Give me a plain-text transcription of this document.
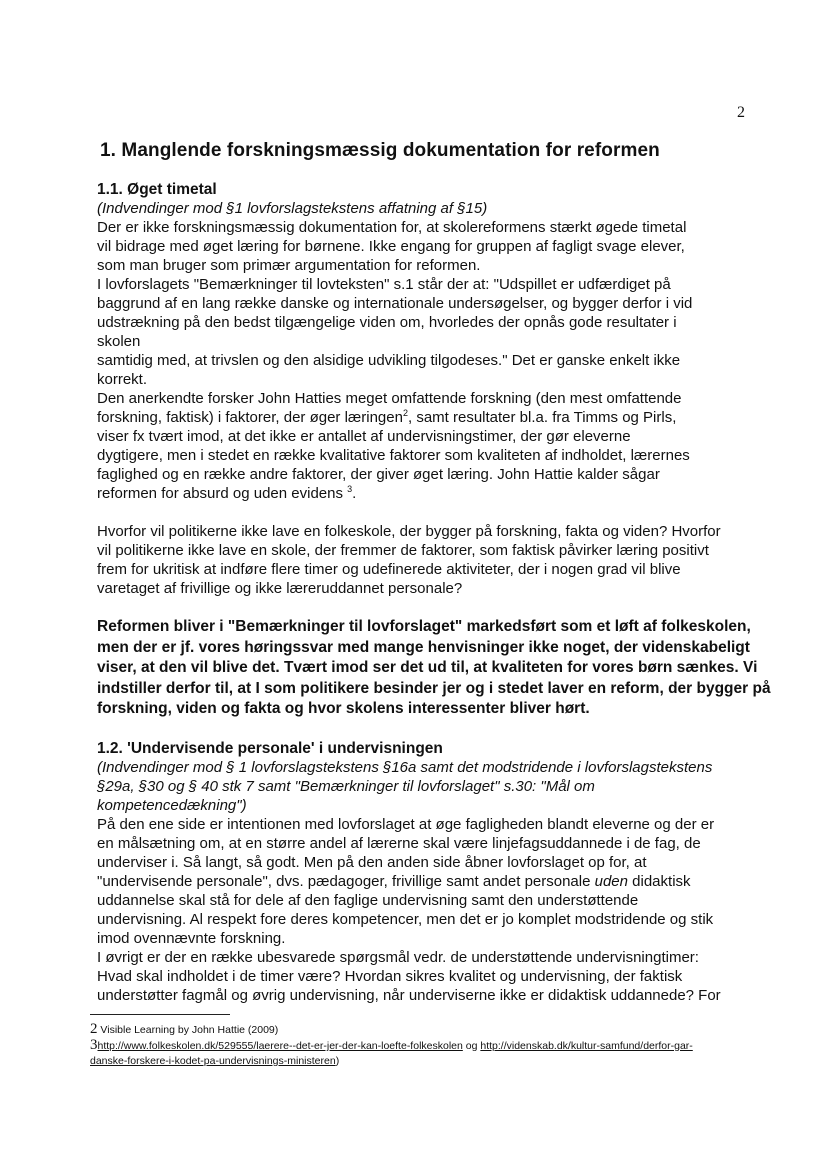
2
1. Manglende forskningsmæssig dokumentation for reformen

1.1. Øget timetal

(Indvendinger mod §1 lovforslagstekstens affatning af §15)

Der er ikke forskningsmæssig dokumentation for, at skolereformens stærkt øgede timetal

vil bidrage med øget læring for børnene. Ikke engang for gruppen af fagligt svage elever,

som man bruger som primær argumentation for reformen.

I lovforslagets "Bemærkninger til lovteksten" s.1 står der at: "Udspillet er udfærdiget på

baggrund af en lang række danske og internationale undersøgelser, og bygger derfor i vid

udstrækning på den bedst tilgængelige viden om, hvorledes der opnås gode resultater i

skolen

samtidig med, at trivslen og den alsidige udvikling tilgodeses." Det er ganske enkelt ikke

korrekt.

Den anerkendte forsker John Hatties meget omfattende forskning (den mest omfattende

forskning, faktisk) i faktorer, der øger læringen$^2$, samt resultater bl.a. fra Timms og Pirls,

viser fx tvært imod, at det ikke er antallet af undervisningstimer, der gør eleverne

dygtigere, men i stedet en række kvalitative faktorer som kvaliteten af indholdet, lærernes

faglighed og en række andre faktorer, der giver øget læring. John Hattie kalder sågar

reformen for absurd og uden evidens $^3$.

Hvorfor vil politikerne ikke lave en folkeskole, der bygger på forskning, fakta og viden? Hvorfor

vil politikerne ikke lave en skole, der fremmer de faktorer, som faktisk påvirker læring positivt

frem for ukritisk at indføre flere timer og udefinerede aktiviteter, der i nogen grad vil blive

varetaget af frivillige og ikke læreruddannet personale?

Reformen bliver i "Bemærkninger til lovforslaget" markedsført som et løft af folkeskolen,

men der er jf. vores høringssvar med mange henvisninger ikke noget, der videnskabeligt

viser, at den vil blive det. Tvært imod ser det ud til, at kvaliteten for vores børn sænkes. Vi

indstiller derfor til, at I som politikere besinder jer og i stedet laver en reform, der bygger på

forskning, viden og fakta og hvor skolens interessenter bliver hørt.

1.2. 'Undervisende personale' i undervisningen

(Indvendinger mod § 1 lovforslagstekstens §16a samt det modstridende i lovforslagstekstens

§29a, §30 og § 40 stk 7 samt "Bemærkninger til lovforslaget" s.30: "Mål om

kompetencedækning")

På den ene side er intentionen med lovforslaget at øge fagligheden blandt eleverne og der er

en målsætning om, at en større andel af lærerne skal være linjefagsuddannede i de fag, de

underviser i. Så langt, så godt. Men på den anden side åbner lovforslaget op for, at

"undervisende personale", dvs. pædagoger, frivillige samt andet personale uden didaktisk

uddannelse skal stå for dele af den faglige undervisning samt den understøttende

undervisning. Al respekt fore deres kompetencer, men det er jo komplet modstridende og stik

imod ovennævnte forskning.

I øvrigt er der en række ubesvarede spørgsmål vedr. de understøttende undervisningtimer:

Hvad skal indholdet i de timer være? Hvordan sikres kvalitet og undervisning, der faktisk

understøtter fagmål og øvrig undervisning, når underviserne ikke er didaktisk uddannede? For

2 Visible Learning by John Hattie (2009)
3http://www.folkeskolen.dk/529555/laerere--det-er-jer-der-kan-loefte-folkeskolen og http://videnskab.dk/kultur-samfund/derfor-gar-
danske-forskere-i-kodet-pa-undervisnings-ministeren)
